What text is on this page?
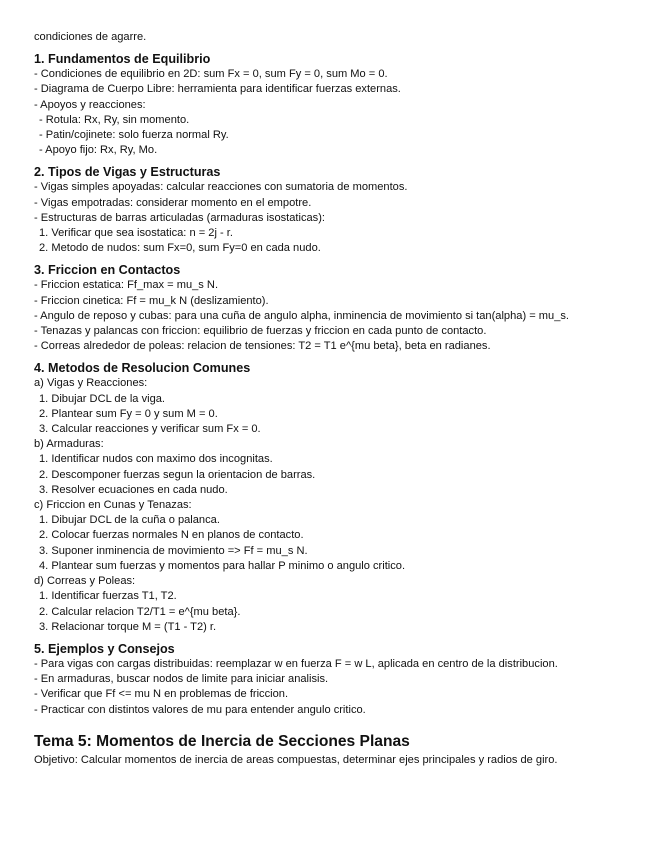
condiciones de agarre.

1. Fundamentos de Equilibrio
- Condiciones de equilibrio en 2D: sum Fx = 0, sum Fy = 0, sum Mo = 0.
- Diagrama de Cuerpo Libre: herramienta para identificar fuerzas externas.
- Apoyos y reacciones:
- Rotula: Rx, Ry, sin momento.
- Patin/cojinete: solo fuerza normal Ry.
- Apoyo fijo: Rx, Ry, Mo.
2. Tipos de Vigas y Estructuras
- Vigas simples apoyadas: calcular reacciones con sumatoria de momentos.
- Vigas empotradas: considerar momento en el empotre.
- Estructuras de barras articuladas (armaduras isostaticas):
1. Verificar que sea isostatica: n = 2j - r.
2. Metodo de nudos: sum Fx=0, sum Fy=0 en cada nudo.
3. Friccion en Contactos
- Friccion estatica: Ff_max = mu_s N.
- Friccion cinetica: Ff = mu_k N (deslizamiento).
- Angulo de reposo y cubas: para una cuña de angulo alpha, inminencia de movimiento si tan(alpha) = mu_s.
- Tenazas y palancas con friccion: equilibrio de fuerzas y friccion en cada punto de contacto.
- Correas alrededor de poleas: relacion de tensiones: T2 = T1 e^{mu beta}, beta en radianes.
4. Metodos de Resolucion Comunes
a) Vigas y Reacciones:
1. Dibujar DCL de la viga.
2. Plantear sum Fy = 0 y sum M = 0.
3. Calcular reacciones y verificar sum Fx = 0.
b) Armaduras:
1. Identificar nudos con maximo dos incognitas.
2. Descomponer fuerzas segun la orientacion de barras.
3. Resolver ecuaciones en cada nudo.
c) Friccion en Cunas y Tenazas:
1. Dibujar DCL de la cuña o palanca.
2. Colocar fuerzas normales N en planos de contacto.
3. Suponer inminencia de movimiento => Ff = mu_s N.
4. Plantear sum fuerzas y momentos para hallar P minimo o angulo critico.
d) Correas y Poleas:
1. Identificar fuerzas T1, T2.
2. Calcular relacion T2/T1 = e^{mu beta}.
3. Relacionar torque M = (T1 - T2) r.
5. Ejemplos y Consejos
- Para vigas con cargas distribuidas: reemplazar w en fuerza F = w L, aplicada en centro de la distribucion.
- En armaduras, buscar nodos de limite para iniciar analisis.
- Verificar que Ff <= mu N en problemas de friccion.
- Practicar con distintos valores de mu para entender angulo critico.
Tema 5: Momentos de Inercia de Secciones Planas

Objetivo: Calcular momentos de inercia de areas compuestas, determinar ejes principales y radios de giro.
